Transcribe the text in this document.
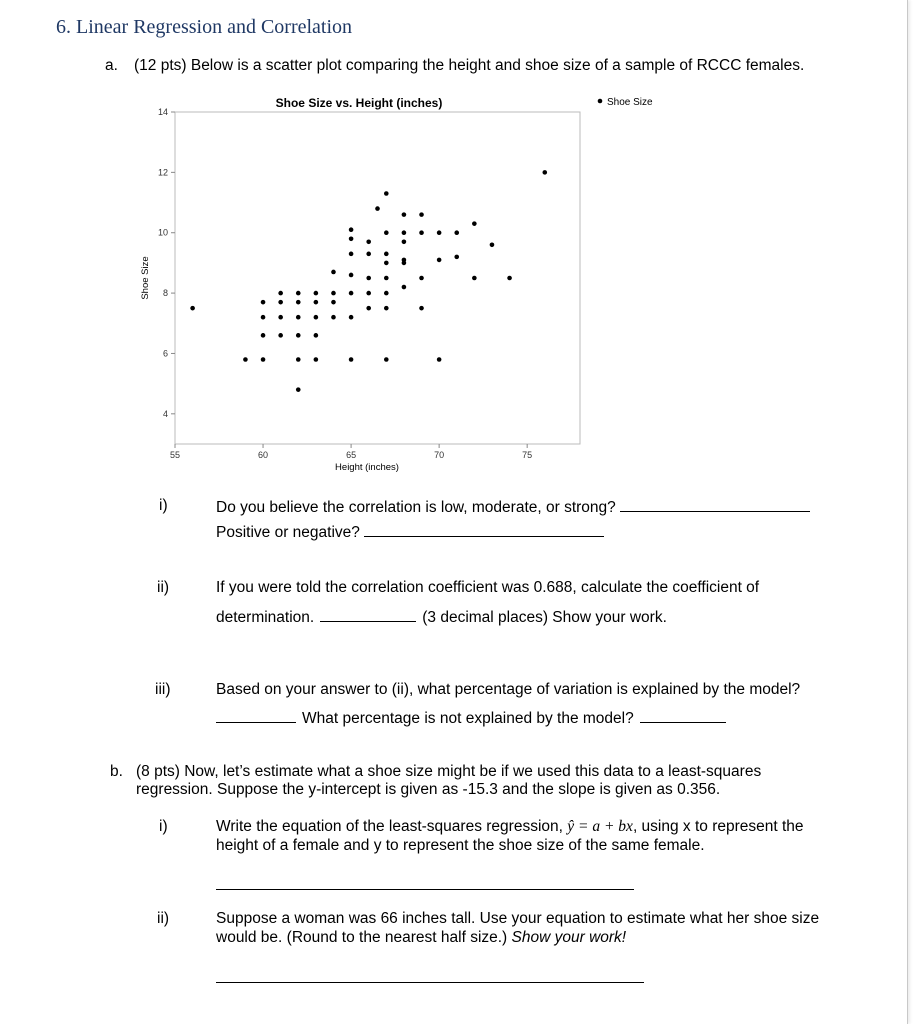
6. Linear Regression and Correlation
a. (12 pts) Below is a scatter plot comparing the height and shoe size of a sample of RCCC females.
Shoe Size vs. Height (inches)	Shoe Size
4
6
8
10
12
14
55	60	65	70	75
Height (inches)
Shoe Size
i)	Do you believe the correlation is low, moderate, or strong?
Positive or negative?
ii)	If you were told the correlation coefficient was 0.688, calculate the coefficient of
determination.	(3 decimal places) Show your work.
iii)	Based on your answer to (ii), what percentage of variation is explained by the model?
What percentage is not explained by the model?
b. (8 pts) Now, let’s estimate what a shoe size might be if we used this data to a least-squares
regression. Suppose the y-intercept is given as -15.3 and the slope is given as 0.356.
i)	Write the equation of the least-squares regression, ŷ = a + bx, using x to represent the
height of a female and y to represent the shoe size of the same female.
ii)	Suppose a woman was 66 inches tall. Use your equation to estimate what her shoe size
would be. (Round to the nearest half size.) Show your work!
